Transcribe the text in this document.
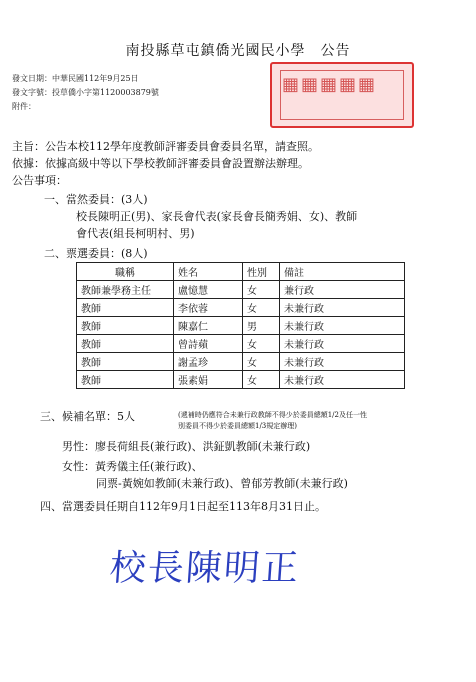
南投縣草屯鎮僑光國民小學　公告
發文日期：中華民國112年9月25日
發文字號：投草僑小字第1120003879號
附件：
▦▦▦▦▦
主旨：公告本校112學年度教師評審委員會委員名單，請查照。
依據：依據高級中等以下學校教師評審委員會設置辦法辦理。
公告事項：
一、當然委員：(3人)
校長陳明正(男)、家長會代表(家長會長簡秀娟、女)、教師
會代表(組長柯明村、男)
二、票選委員：(8人)
職稱	姓名	性別	備註
教師兼學務主任	盧憶慧	女	兼行政
教師	李依蓉	女	未兼行政
教師	陳嘉仁	男	未兼行政
教師	曾詩蘋	女	未兼行政
教師	謝孟珍	女	未兼行政
教師	張素娟	女	未兼行政
三、候補名單：5人	(遞補時仍應符合未兼行政教師不得少於委員總額1/2及任一性
別委員不得少於委員總額1/3規定辦理)
男性：廖長荷組長(兼行政)、洪鉦凱教師(未兼行政)
女性：黃秀儀主任(兼行政)、
同票-黃婉如教師(未兼行政)、曾郁芳教師(未兼行政)
四、當選委員任期自112年9月1日起至113年8月31日止。
校長陳明正
